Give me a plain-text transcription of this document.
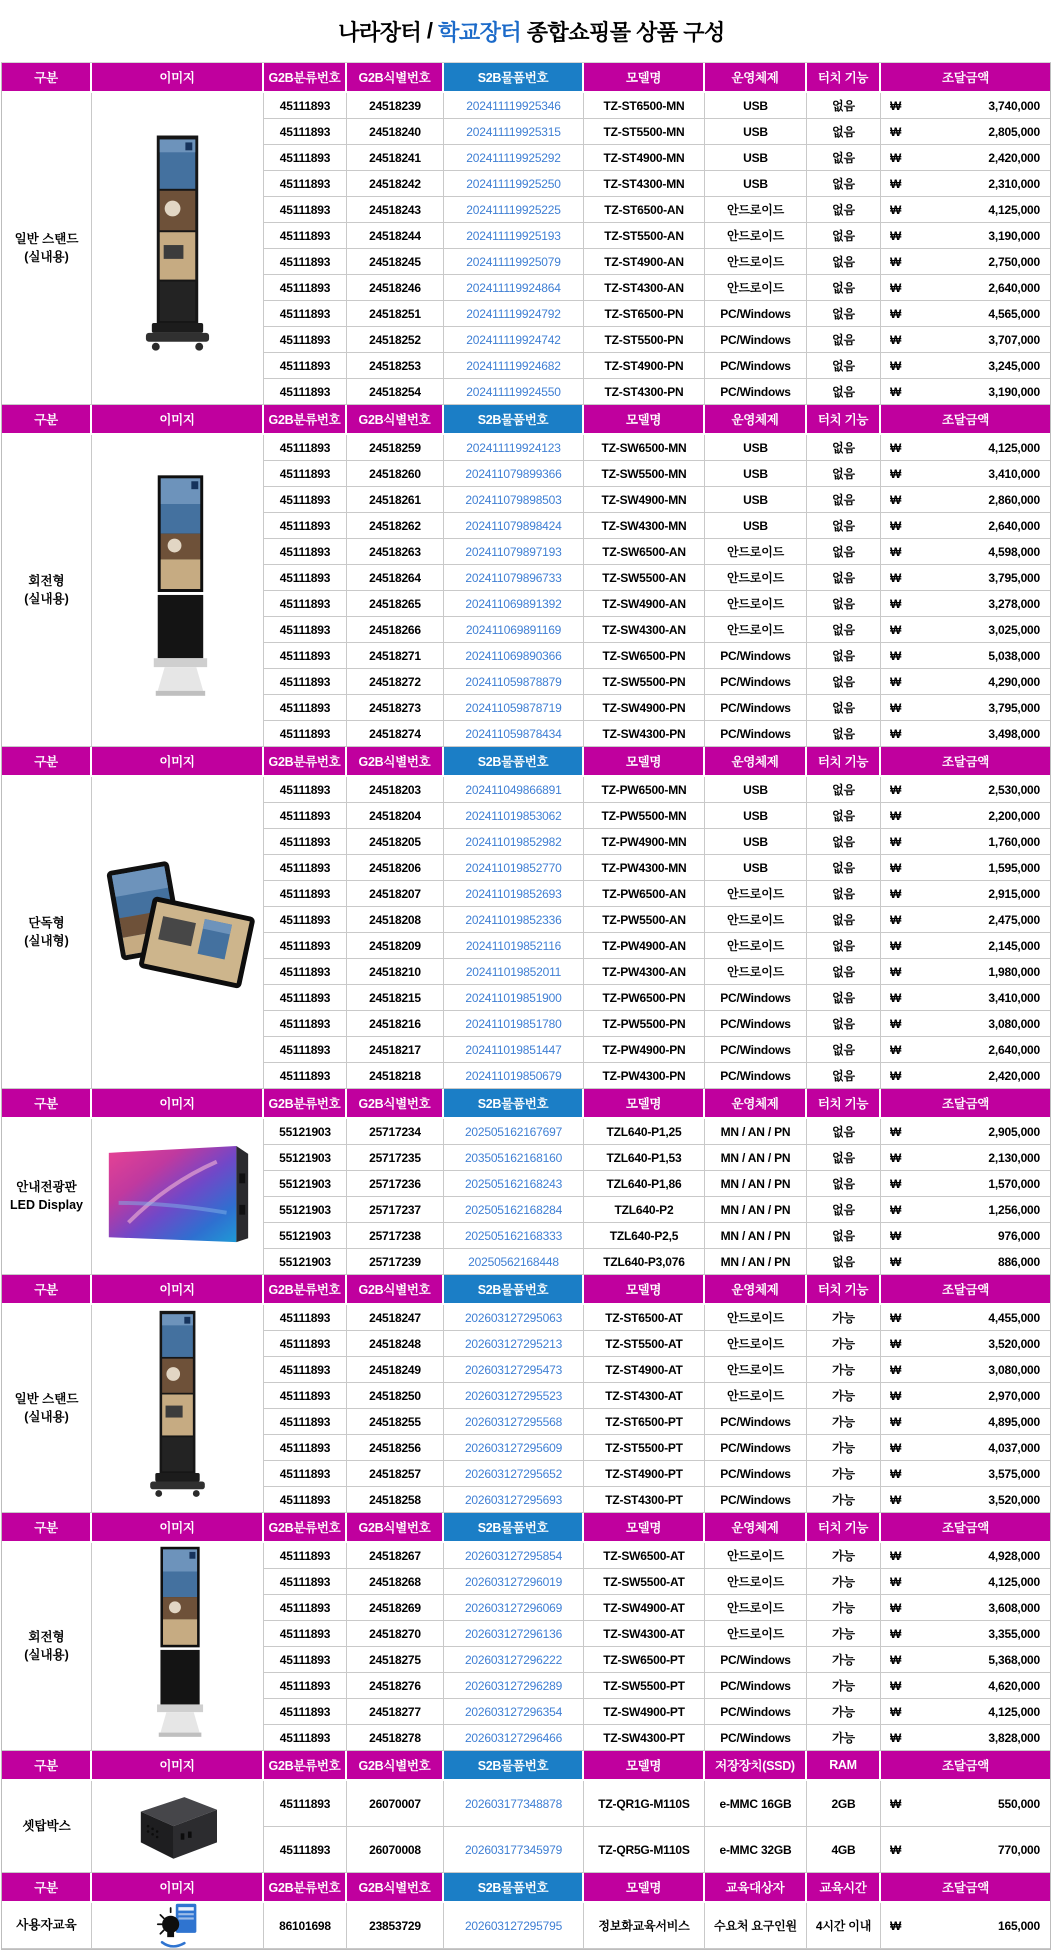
나라장터 / 학교장터 종합쇼핑몰 상품 구성
구분	이미지	G2B분류번호	G2B식별번호	S2B물품번호	모델명	운영체제	터치 기능	조달금액
일반 스탠드
(실내용)
45111893	24518239	202411119925346	TZ-ST6500-MN	USB	없음	₩	3,740,000
45111893	24518240	202411119925315	TZ-ST5500-MN	USB	없음	₩	2,805,000
45111893	24518241	202411119925292	TZ-ST4900-MN	USB	없음	₩	2,420,000
45111893	24518242	202411119925250	TZ-ST4300-MN	USB	없음	₩	2,310,000
45111893	24518243	202411119925225	TZ-ST6500-AN	안드로이드	없음	₩	4,125,000
45111893	24518244	202411119925193	TZ-ST5500-AN	안드로이드	없음	₩	3,190,000
45111893	24518245	202411119925079	TZ-ST4900-AN	안드로이드	없음	₩	2,750,000
45111893	24518246	202411119924864	TZ-ST4300-AN	안드로이드	없음	₩	2,640,000
45111893	24518251	202411119924792	TZ-ST6500-PN	PC/Windows	없음	₩	4,565,000
45111893	24518252	202411119924742	TZ-ST5500-PN	PC/Windows	없음	₩	3,707,000
45111893	24518253	202411119924682	TZ-ST4900-PN	PC/Windows	없음	₩	3,245,000
45111893	24518254	202411119924550	TZ-ST4300-PN	PC/Windows	없음	₩	3,190,000
구분	이미지	G2B분류번호	G2B식별번호	S2B물품번호	모델명	운영체제	터치 기능	조달금액
회전형
(실내용)
45111893	24518259	202411119924123	TZ-SW6500-MN	USB	없음	₩	4,125,000
45111893	24518260	202411079899366	TZ-SW5500-MN	USB	없음	₩	3,410,000
45111893	24518261	202411079898503	TZ-SW4900-MN	USB	없음	₩	2,860,000
45111893	24518262	202411079898424	TZ-SW4300-MN	USB	없음	₩	2,640,000
45111893	24518263	202411079897193	TZ-SW6500-AN	안드로이드	없음	₩	4,598,000
45111893	24518264	202411079896733	TZ-SW5500-AN	안드로이드	없음	₩	3,795,000
45111893	24518265	202411069891392	TZ-SW4900-AN	안드로이드	없음	₩	3,278,000
45111893	24518266	202411069891169	TZ-SW4300-AN	안드로이드	없음	₩	3,025,000
45111893	24518271	202411069890366	TZ-SW6500-PN	PC/Windows	없음	₩	5,038,000
45111893	24518272	202411059878879	TZ-SW5500-PN	PC/Windows	없음	₩	4,290,000
45111893	24518273	202411059878719	TZ-SW4900-PN	PC/Windows	없음	₩	3,795,000
45111893	24518274	202411059878434	TZ-SW4300-PN	PC/Windows	없음	₩	3,498,000
구분	이미지	G2B분류번호	G2B식별번호	S2B물품번호	모델명	운영체제	터치 기능	조달금액
단독형
(실내형)
45111893	24518203	202411049866891	TZ-PW6500-MN	USB	없음	₩	2,530,000
45111893	24518204	202411019853062	TZ-PW5500-MN	USB	없음	₩	2,200,000
45111893	24518205	202411019852982	TZ-PW4900-MN	USB	없음	₩	1,760,000
45111893	24518206	202411019852770	TZ-PW4300-MN	USB	없음	₩	1,595,000
45111893	24518207	202411019852693	TZ-PW6500-AN	안드로이드	없음	₩	2,915,000
45111893	24518208	202411019852336	TZ-PW5500-AN	안드로이드	없음	₩	2,475,000
45111893	24518209	202411019852116	TZ-PW4900-AN	안드로이드	없음	₩	2,145,000
45111893	24518210	202411019852011	TZ-PW4300-AN	안드로이드	없음	₩	1,980,000
45111893	24518215	202411019851900	TZ-PW6500-PN	PC/Windows	없음	₩	3,410,000
45111893	24518216	202411019851780	TZ-PW5500-PN	PC/Windows	없음	₩	3,080,000
45111893	24518217	202411019851447	TZ-PW4900-PN	PC/Windows	없음	₩	2,640,000
45111893	24518218	202411019850679	TZ-PW4300-PN	PC/Windows	없음	₩	2,420,000
구분	이미지	G2B분류번호	G2B식별번호	S2B물품번호	모델명	운영체제	터치 기능	조달금액
안내전광판
LED Display
55121903	25717234	202505162167697	TZL640-P1,25	MN / AN / PN	없음	₩	2,905,000
55121903	25717235	203505162168160	TZL640-P1,53	MN / AN / PN	없음	₩	2,130,000
55121903	25717236	202505162168243	TZL640-P1,86	MN / AN / PN	없음	₩	1,570,000
55121903	25717237	202505162168284	TZL640-P2	MN / AN / PN	없음	₩	1,256,000
55121903	25717238	202505162168333	TZL640-P2,5	MN / AN / PN	없음	₩	976,000
55121903	25717239	20250562168448	TZL640-P3,076	MN / AN / PN	없음	₩	886,000
구분	이미지	G2B분류번호	G2B식별번호	S2B물품번호	모델명	운영체제	터치 기능	조달금액
일반 스탠드
(실내용)
45111893	24518247	202603127295063	TZ-ST6500-AT	안드로이드	가능	₩	4,455,000
45111893	24518248	202603127295213	TZ-ST5500-AT	안드로이드	가능	₩	3,520,000
45111893	24518249	202603127295473	TZ-ST4900-AT	안드로이드	가능	₩	3,080,000
45111893	24518250	202603127295523	TZ-ST4300-AT	안드로이드	가능	₩	2,970,000
45111893	24518255	202603127295568	TZ-ST6500-PT	PC/Windows	가능	₩	4,895,000
45111893	24518256	202603127295609	TZ-ST5500-PT	PC/Windows	가능	₩	4,037,000
45111893	24518257	202603127295652	TZ-ST4900-PT	PC/Windows	가능	₩	3,575,000
45111893	24518258	202603127295693	TZ-ST4300-PT	PC/Windows	가능	₩	3,520,000
구분	이미지	G2B분류번호	G2B식별번호	S2B물품번호	모델명	운영체제	터치 기능	조달금액
회전형
(실내용)
45111893	24518267	202603127295854	TZ-SW6500-AT	안드로이드	가능	₩	4,928,000
45111893	24518268	202603127296019	TZ-SW5500-AT	안드로이드	가능	₩	4,125,000
45111893	24518269	202603127296069	TZ-SW4900-AT	안드로이드	가능	₩	3,608,000
45111893	24518270	202603127296136	TZ-SW4300-AT	안드로이드	가능	₩	3,355,000
45111893	24518275	202603127296222	TZ-SW6500-PT	PC/Windows	가능	₩	5,368,000
45111893	24518276	202603127296289	TZ-SW5500-PT	PC/Windows	가능	₩	4,620,000
45111893	24518277	202603127296354	TZ-SW4900-PT	PC/Windows	가능	₩	4,125,000
45111893	24518278	202603127296466	TZ-SW4300-PT	PC/Windows	가능	₩	3,828,000
구분	이미지	G2B분류번호	G2B식별번호	S2B물품번호	모델명	저장장치(SSD)	RAM	조달금액
셋탑박스
45111893	26070007	202603177348878	TZ-QR1G-M110S	e-MMC 16GB	2GB	₩	550,000
45111893	26070008	202603177345979	TZ-QR5G-M110S	e-MMC 32GB	4GB	₩	770,000
구분	이미지	G2B분류번호	G2B식별번호	S2B물품번호	모델명	교육대상자	교육시간	조달금액
사용자교육	86101698	23853729	202603127295795	정보화교육서비스	수요처 요구인원	4시간 이내	₩	165,000
